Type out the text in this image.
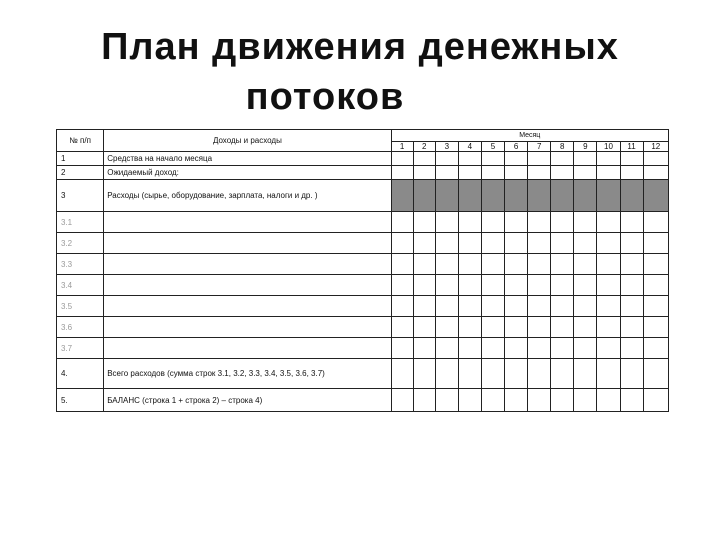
План движения денежных
потоков
№ п/п	Доходы и расходы	Месяц											
		1	2	3	4	5	6	7	8	9	10	11	12
1	Средства на начало месяца												
2	Ожидаемый доход:												
3	Расходы (сырье, оборудование, зарплата, налоги и др. )												
3.1													
3.2													
3.3													
3.4													
3.5													
3.6													
3.7													
4.	Всего расходов (сумма строк 3.1, 3.2, 3.3, 3.4, 3.5, 3.6, 3.7)												
5.	БАЛАНС (строка 1 + строка 2) – строка 4)												
